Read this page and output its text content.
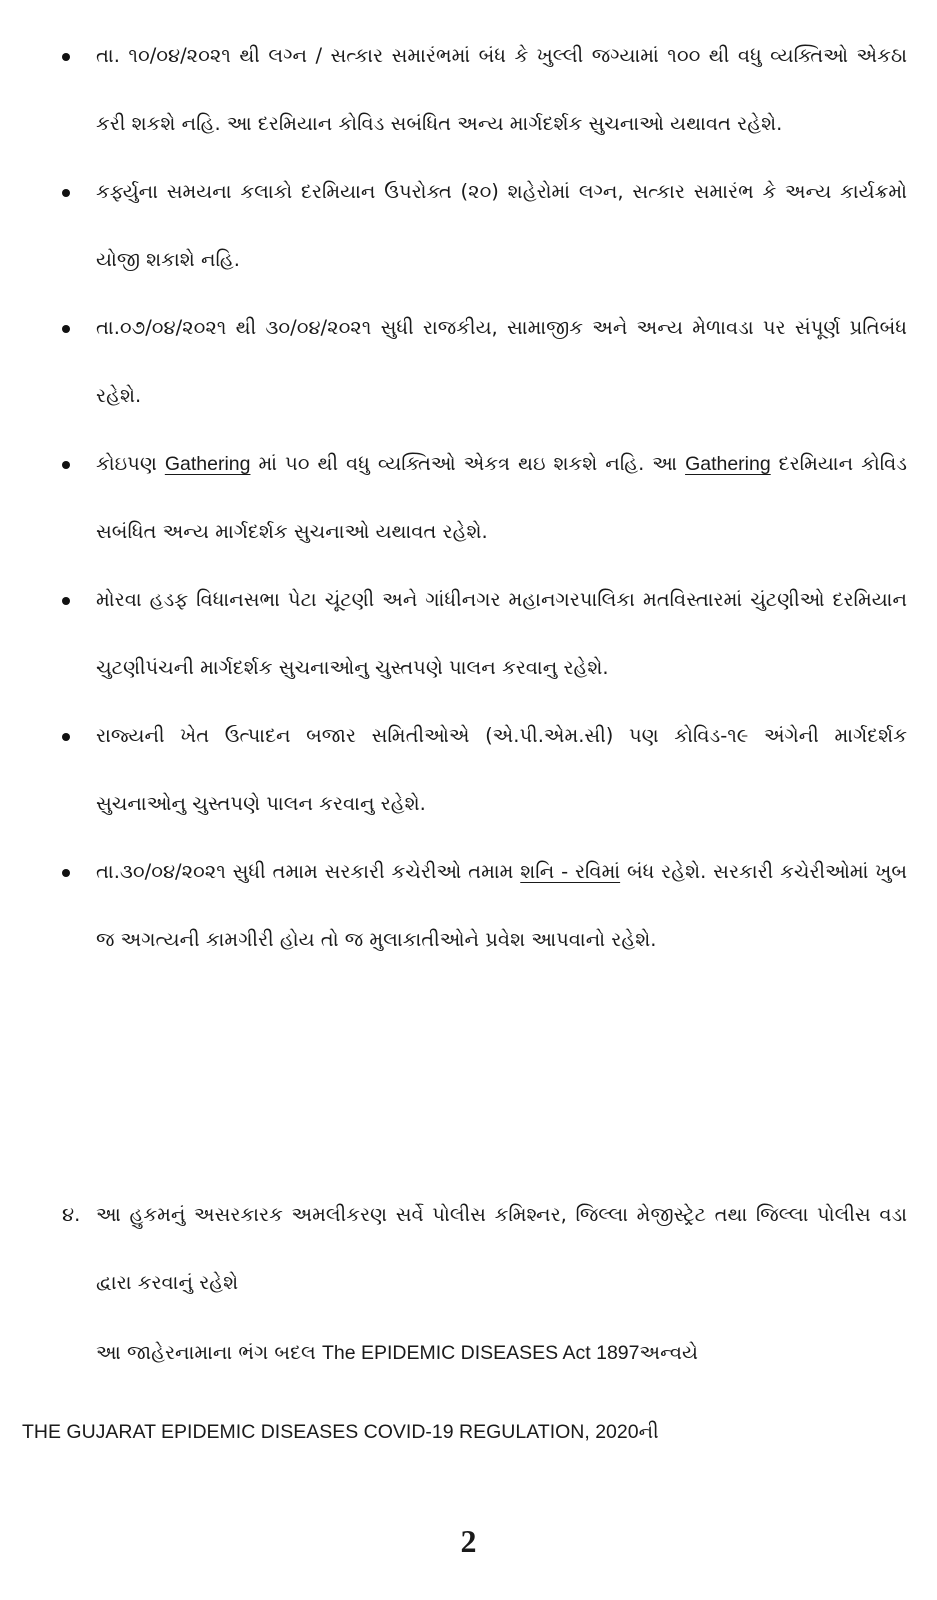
તા. ૧૦/૦૪/૨૦૨૧ થી લગ્ન / સત્કાર સમારંભમાં બંધ કે ખુલ્લી જગ્યામાં ૧૦૦ થી વધુ વ્યક્તિઓ એકઠા કરી શકશે નહિ. આ દરમિયાન કોવિડ સબંધિત અન્ય માર્ગદર્શક સુચનાઓ યથાવત રહેશે.
કર્ફ્યુના સમયના કલાકો દરમિયાન ઉપરોક્ત (૨૦) શહેરોમાં લગ્ન, સત્કાર સમારંભ કે અન્ય કાર્યક્રમો યોજી શકાશે નહિ.
તા.૦૭/૦૪/૨૦૨૧ થી ૩૦/૦૪/૨૦૨૧ સુધી રાજકીય, સામાજીક અને અન્ય મેળાવડા પર સંપૂર્ણ પ્રતિબંધ રહેશે.
કોઇપણ Gathering માં ૫૦ થી વધુ વ્યક્તિઓ એકત્ર થઇ શકશે નહિ. આ Gathering દરમિયાન કોવિડ સબંધિત અન્ય માર્ગદર્શક સુચનાઓ યથાવત રહેશે.
મોરવા હડફ વિધાનસભા પેટા ચૂંટણી અને ગાંધીનગર મહાનગરપાલિકા મતવિસ્તારમાં ચુંટણીઓ દરમિયાન ચુટણીપંચની માર્ગદર્શક સુચનાઓનુ ચુસ્તપણે પાલન કરવાનુ રહેશે.
રાજ્યની ખેત ઉત્પાદન બજાર સમિતીઓએ (એ.પી.એમ.સી) પણ કોવિડ-૧૯ અંગેની માર્ગદર્શક સુચનાઓનુ ચુસ્તપણે પાલન કરવાનુ રહેશે.
તા.૩૦/૦૪/૨૦૨૧ સુધી તમામ સરકારી કચેરીઓ તમામ શનિ - રવિમાં બંધ રહેશે. સરકારી કચેરીઓમાં ખુબ જ અગત્યની કામગીરી હોય તો જ મુલાકાતીઓને પ્રવેશ આપવાનો રહેશે.
૪. આ હુકમનું અસરકારક અમલીકરણ સર્વે પોલીસ કમિશ્નર, જિલ્લા મેજીસ્ટ્રેટ તથા જિલ્લા પોલીસ વડા દ્વારા કરવાનું રહેશે
આ જાહેરનામાના ભંગ બદલ The EPIDEMIC DISEASES Act 1897અન્વયે
THE GUJARAT EPIDEMIC DISEASES COVID-19 REGULATION, 2020ની
2
